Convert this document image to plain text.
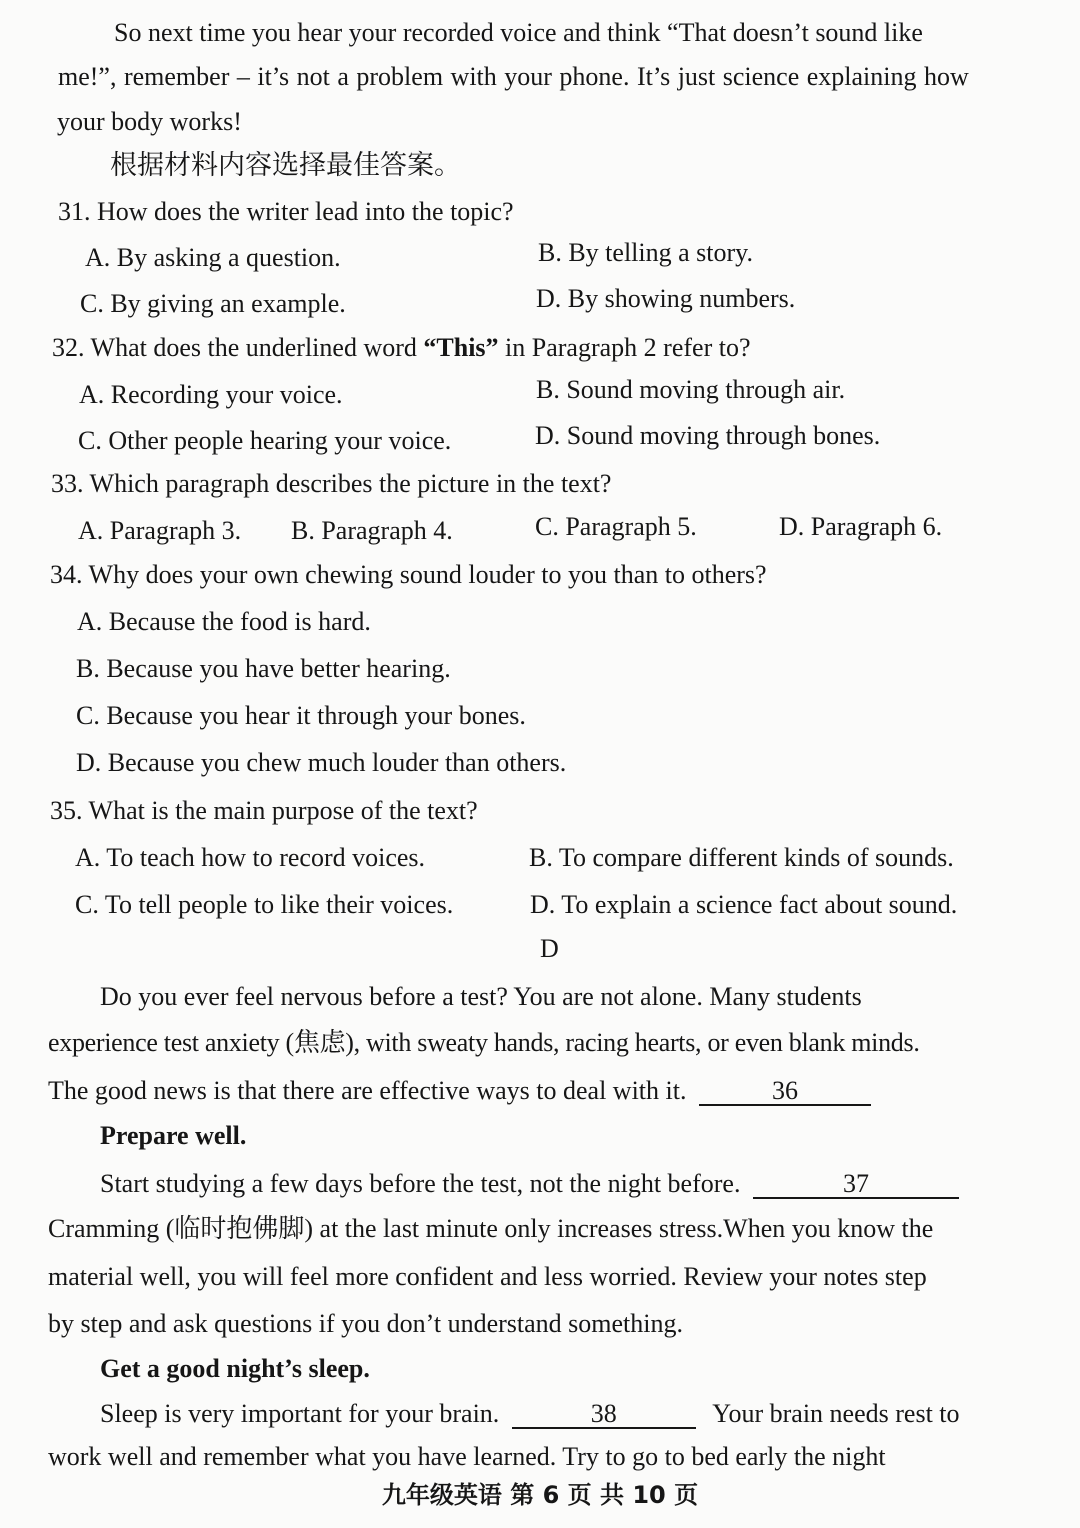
So next time you hear your recorded voice and think “That doesn’t sound like
me!”, remember – it’s not a problem with your phone. It’s just science explaining how
your body works!
根据材料内容选择最佳答案。
31. How does the writer lead into the topic?
A. By asking a question.	B. By telling a story.
C. By giving an example.	D. By showing numbers.
32. What does the underlined word “This” in Paragraph 2 refer to?
A. Recording your voice.	B. Sound moving through air.
C. Other people hearing your voice.	D. Sound moving through bones.
33. Which paragraph describes the picture in the text?
A. Paragraph 3. B. Paragraph 4.	C. Paragraph 5.	D. Paragraph 6.
34. Why does your own chewing sound louder to you than to others?
A. Because the food is hard.
B. Because you have better hearing.
C. Because you hear it through your bones.
D. Because you chew much louder than others.
35. What is the main purpose of the text?
A. To teach how to record voices.	B. To compare different kinds of sounds.
C. To tell people to like their voices.	D. To explain a science fact about sound.
D
Do you ever feel nervous before a test? You are not alone. Many students
experience test anxiety (焦虑), with sweaty hands, racing hearts, or even blank minds.
The good news is that there are effective ways to deal with it.	36
Prepare well.
Start studying a few days before the test, not the night before.	37
Cramming (临时抱佛脚) at the last minute only increases stress.When you know the
material well, you will feel more confident and less worried. Review your notes step
by step and ask questions if you don’t understand something.
Get a good night’s sleep.
Sleep is very important for your brain.	38	Your brain needs rest to
work well and remember what you have learned. Try to go to bed early the night
九年级英语 第 6 页 共 10 页
